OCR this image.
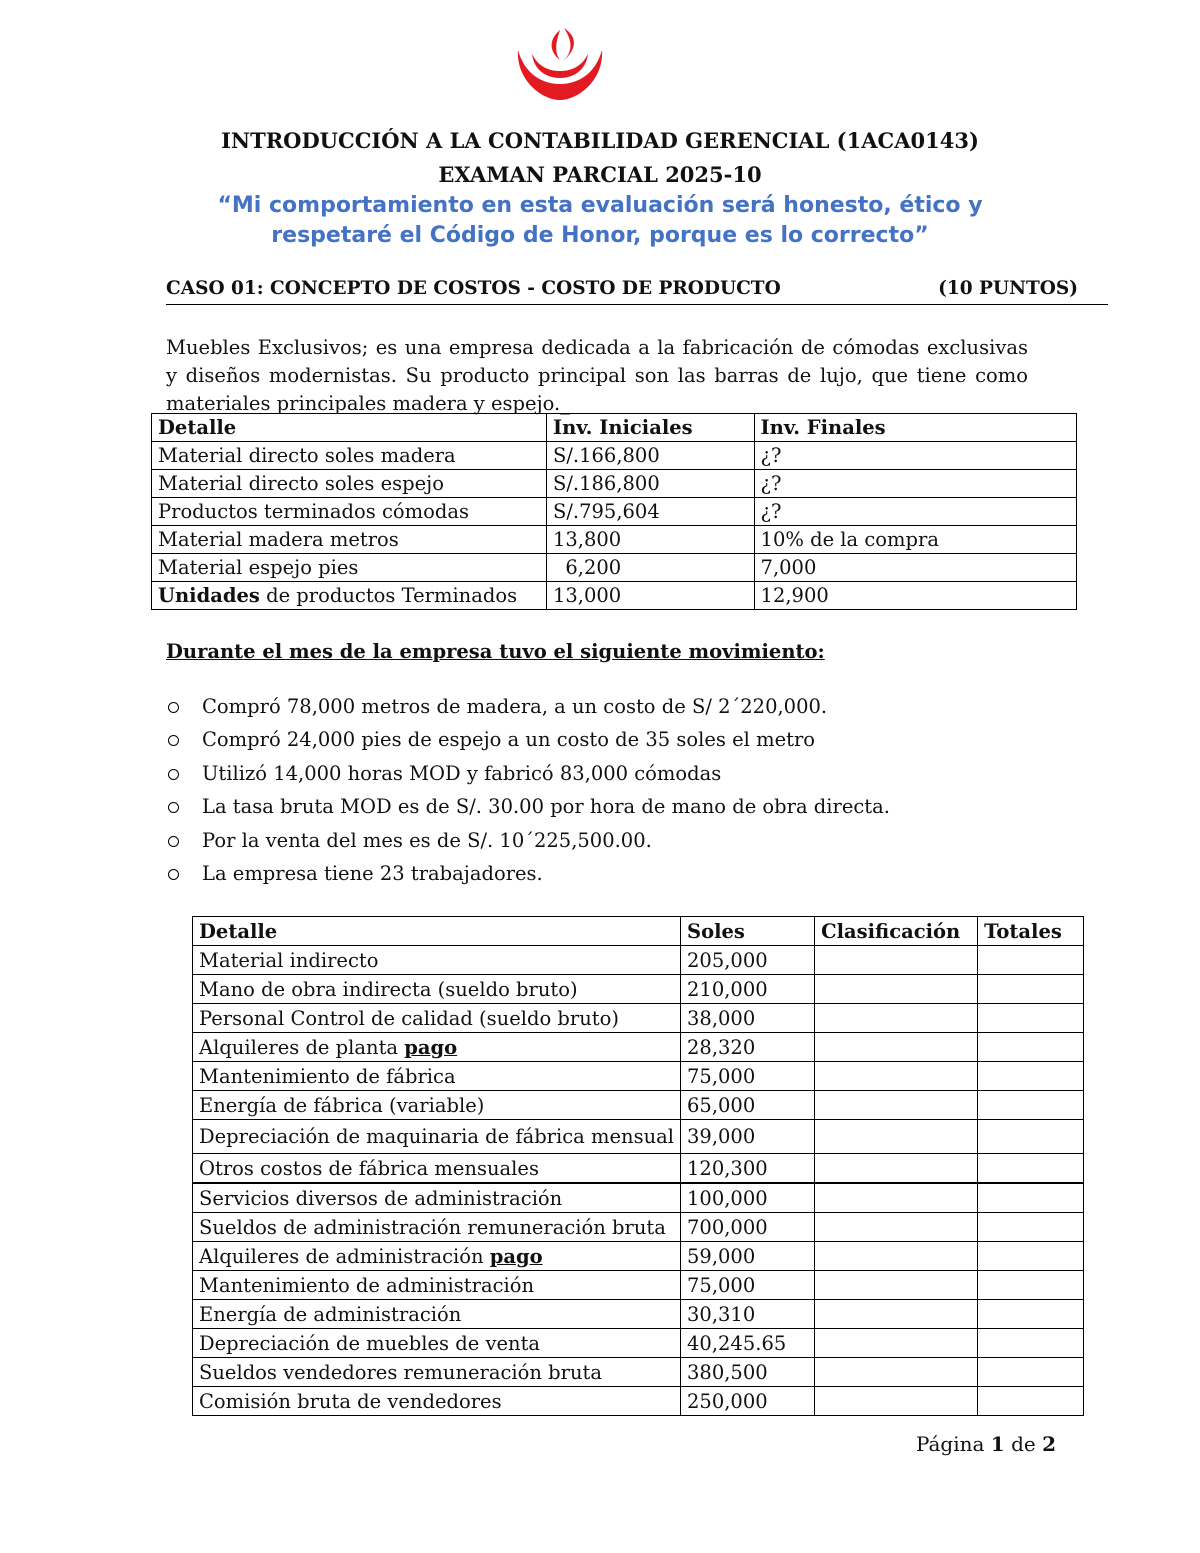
INTRODUCCIÓN A LA CONTABILIDAD GERENCIAL (1ACA0143)
EXAMAN PARCIAL 2025-10
“Mi comportamiento en esta evaluación será honesto, ético y
respetaré el Código de Honor, porque es lo correcto”
CASO 01: CONCEPTO DE COSTOS - COSTO DE PRODUCTO	(10 PUNTOS)
Muebles Exclusivos; es una empresa dedicada a la fabricación de cómodas exclusivas y diseños modernistas. Su producto principal son las barras de lujo, que tiene como materiales principales madera y espejo._
Detalle	Inv. Iniciales	Inv. Finales
Material directo soles madera	S/.166,800	¿?
Material directo soles espejo	S/.186,800	¿?
Productos terminados cómodas	S/.795,604	¿?
Material madera metros	13,800	10% de la compra
Material espejo pies	6,200	7,000
Unidades de productos Terminados	13,000	12,900
Durante el mes de la empresa tuvo el siguiente movimiento:
Compró 78,000 metros de madera, a un costo de S/ 2´220,000.
Compró 24,000 pies de espejo a un costo de 35 soles el metro
Utilizó 14,000 horas MOD y fabricó 83,000 cómodas
La tasa bruta MOD es de S/. 30.00 por hora de mano de obra directa.
Por la venta del mes es de S/. 10´225,500.00.
La empresa tiene 23 trabajadores.
Detalle	Soles	Clasificación	Totales
Material indirecto	205,000		
Mano de obra indirecta (sueldo bruto)	210,000		
Personal Control de calidad (sueldo bruto)	38,000		
Alquileres de planta pago	28,320		
Mantenimiento de fábrica	75,000		
Energía de fábrica (variable)	65,000		
Depreciación de maquinaria de fábrica mensual	39,000		
Otros costos de fábrica mensuales	120,300		
Servicios diversos de administración	100,000		
Sueldos de administración remuneración bruta	700,000		
Alquileres de administración pago	59,000		
Mantenimiento de administración	75,000		
Energía de administración	30,310		
Depreciación de muebles de venta	40,245.65		
Sueldos vendedores remuneración bruta	380,500		
Comisión bruta de vendedores	250,000		
Página 1 de 2
